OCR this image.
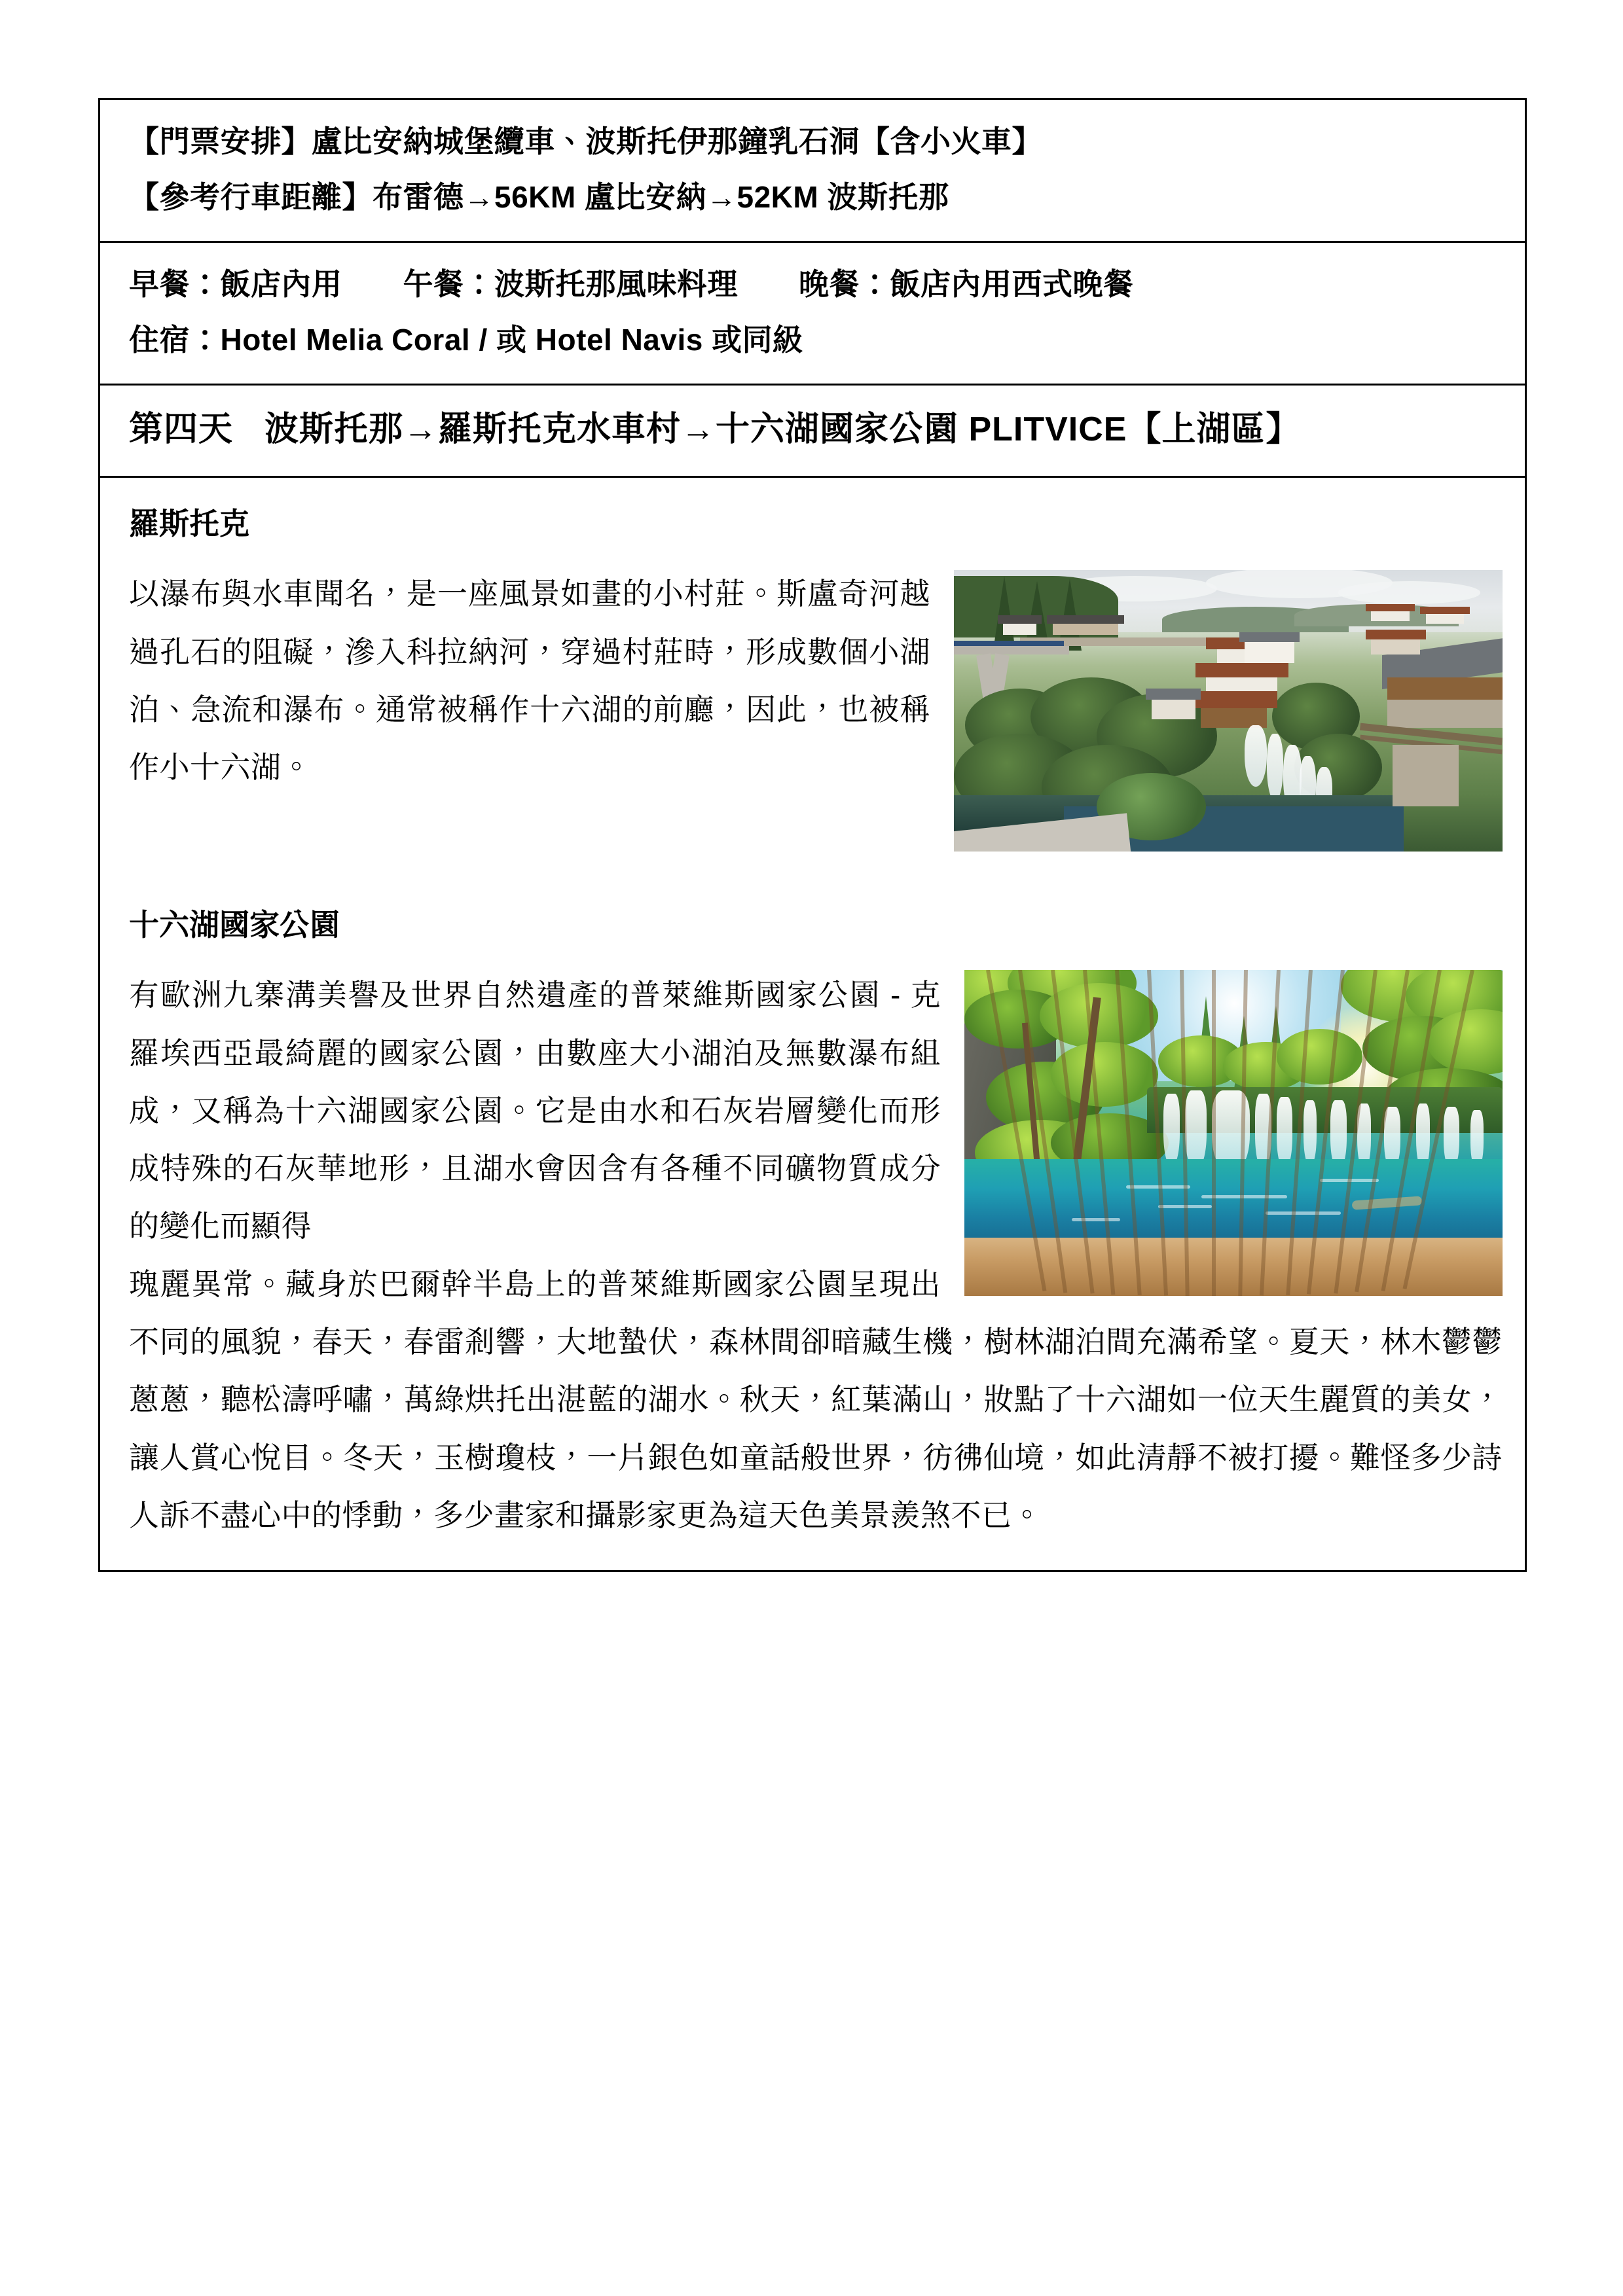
【門票安排】盧比安納城堡纜車、波斯托伊那鐘乳石洞【含小火車】
【參考行車距離】布雷德→56KM 盧比安納→52KM 波斯托那

早餐：飯店內用　　午餐：波斯托那風味料理　　晚餐：飯店內用西式晚餐
住宿：Hotel Melia Coral / 或 Hotel Navis 或同級

第四天 波斯托那→羅斯托克水車村→十六湖國家公園 PLITVICE【上湖區】

羅斯托克
以瀑布與水車聞名，是一座風景如畫的小村莊。斯盧奇河越過孔石的阻礙，滲入科拉納河，穿過村莊時，形成數個小湖泊、急流和瀑布。通常被稱作十六湖的前廳，因此，也被稱作小十六湖。
十六湖國家公園
有歐洲九寨溝美譽及世界自然遺產的普萊維斯國家公園 - 克羅埃西亞最綺麗的國家公園，由數座大小湖泊及無數瀑布組成，又稱為十六湖國家公園。它是由水和石灰岩層變化而形成特殊的石灰華地形，且湖水會因含有各種不同礦物質成分的變化而顯得
瑰麗異常。藏身於巴爾幹半島上的普萊維斯國家公園呈現出不同的風貌，春天，春雷剎響，大地蟄伏，森林間卻暗藏生機，樹林湖泊間充滿希望。夏天，林木鬱鬱蔥蔥，聽松濤呼嘯，萬綠烘托出湛藍的湖水。秋天，紅葉滿山，妝點了十六湖如一位天生麗質的美女，讓人賞心悅目。冬天，玉樹瓊枝，一片銀色如童話般世界，彷彿仙境，如此清靜不被打擾。難怪多少詩人訴不盡心中的悸動，多少畫家和攝影家更為這天色美景羨煞不已。
